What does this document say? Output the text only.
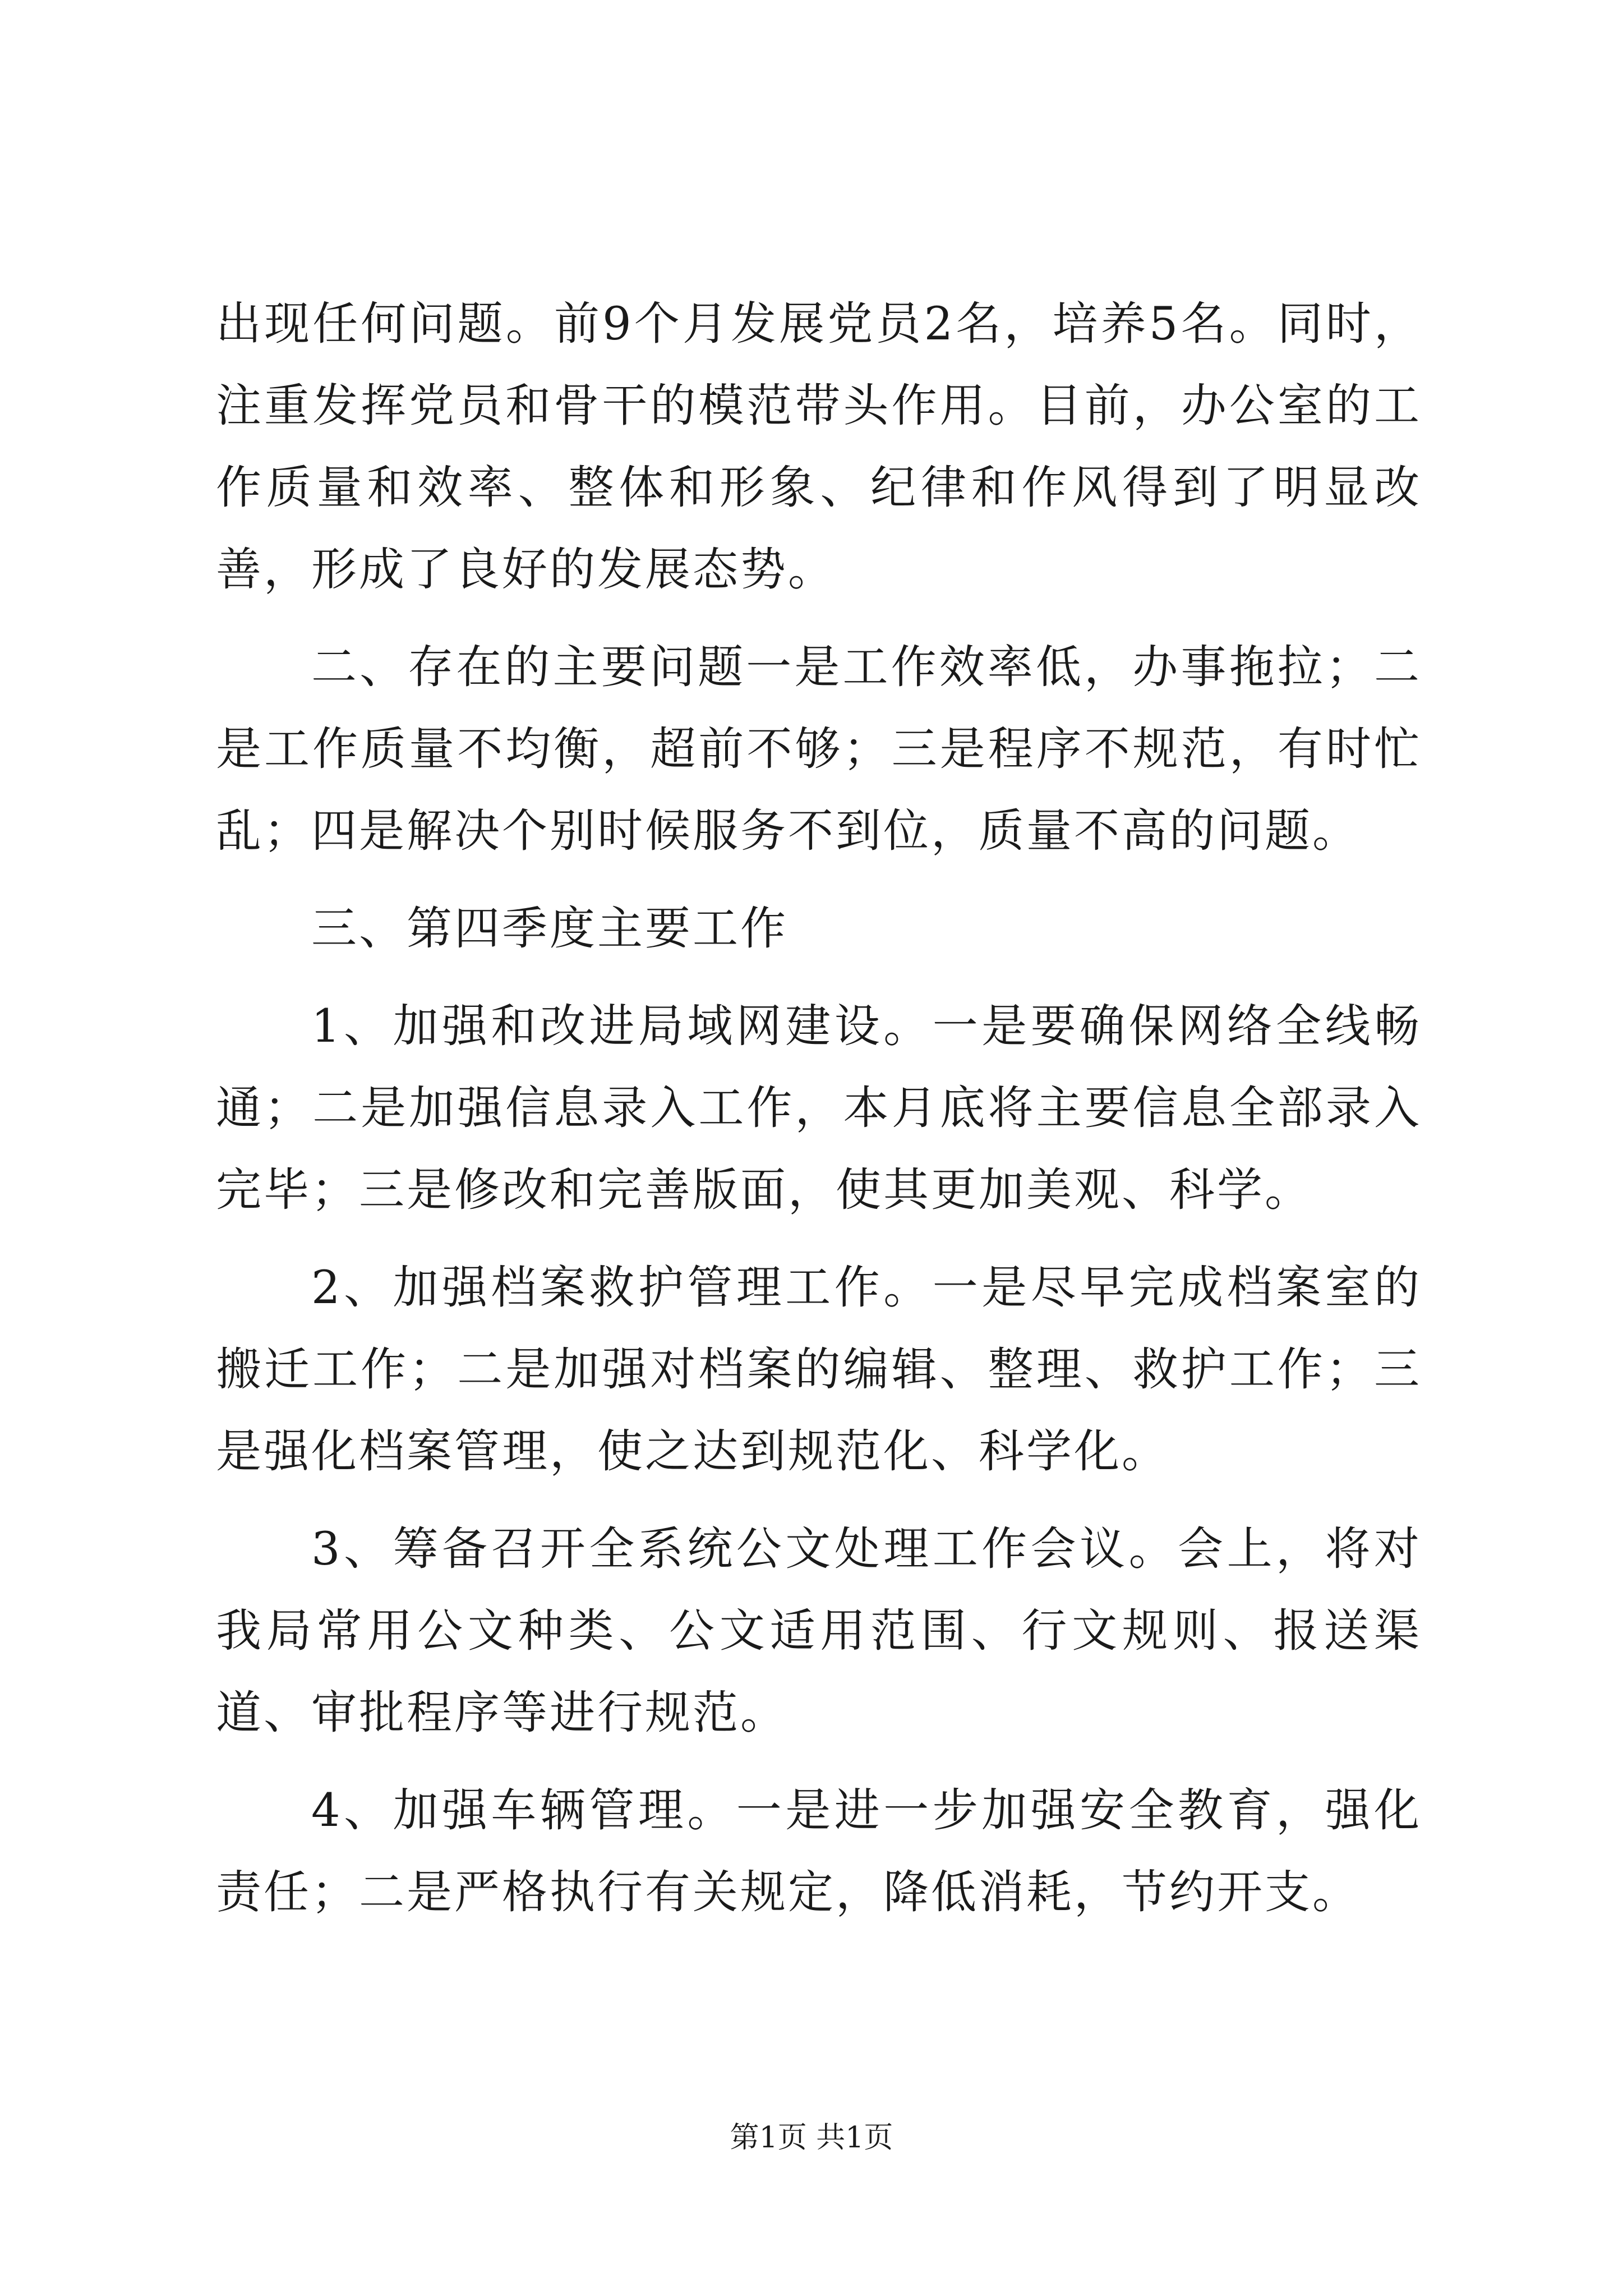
出现任何问题。前9个月发展党员2名，培养5名。同时，注重发挥党员和骨干的模范带头作用。目前，办公室的工作质量和效率、整体和形象、纪律和作风得到了明显改善，形成了良好的发展态势。

二、存在的主要问题一是工作效率低，办事拖拉；二是工作质量不均衡，超前不够；三是程序不规范，有时忙乱；四是解决个别时候服务不到位，质量不高的问题。

三、第四季度主要工作

1、加强和改进局域网建设。一是要确保网络全线畅通；二是加强信息录入工作，本月底将主要信息全部录入完毕；三是修改和完善版面，使其更加美观、科学。

2、加强档案救护管理工作。一是尽早完成档案室的搬迁工作；二是加强对档案的编辑、整理、救护工作；三是强化档案管理，使之达到规范化、科学化。

3、筹备召开全系统公文处理工作会议。会上，将对我局常用公文种类、公文适用范围、行文规则、报送渠道、审批程序等进行规范。

4、加强车辆管理。一是进一步加强安全教育，强化责任；二是严格执行有关规定，降低消耗，节约开支。

第1页 共1页
